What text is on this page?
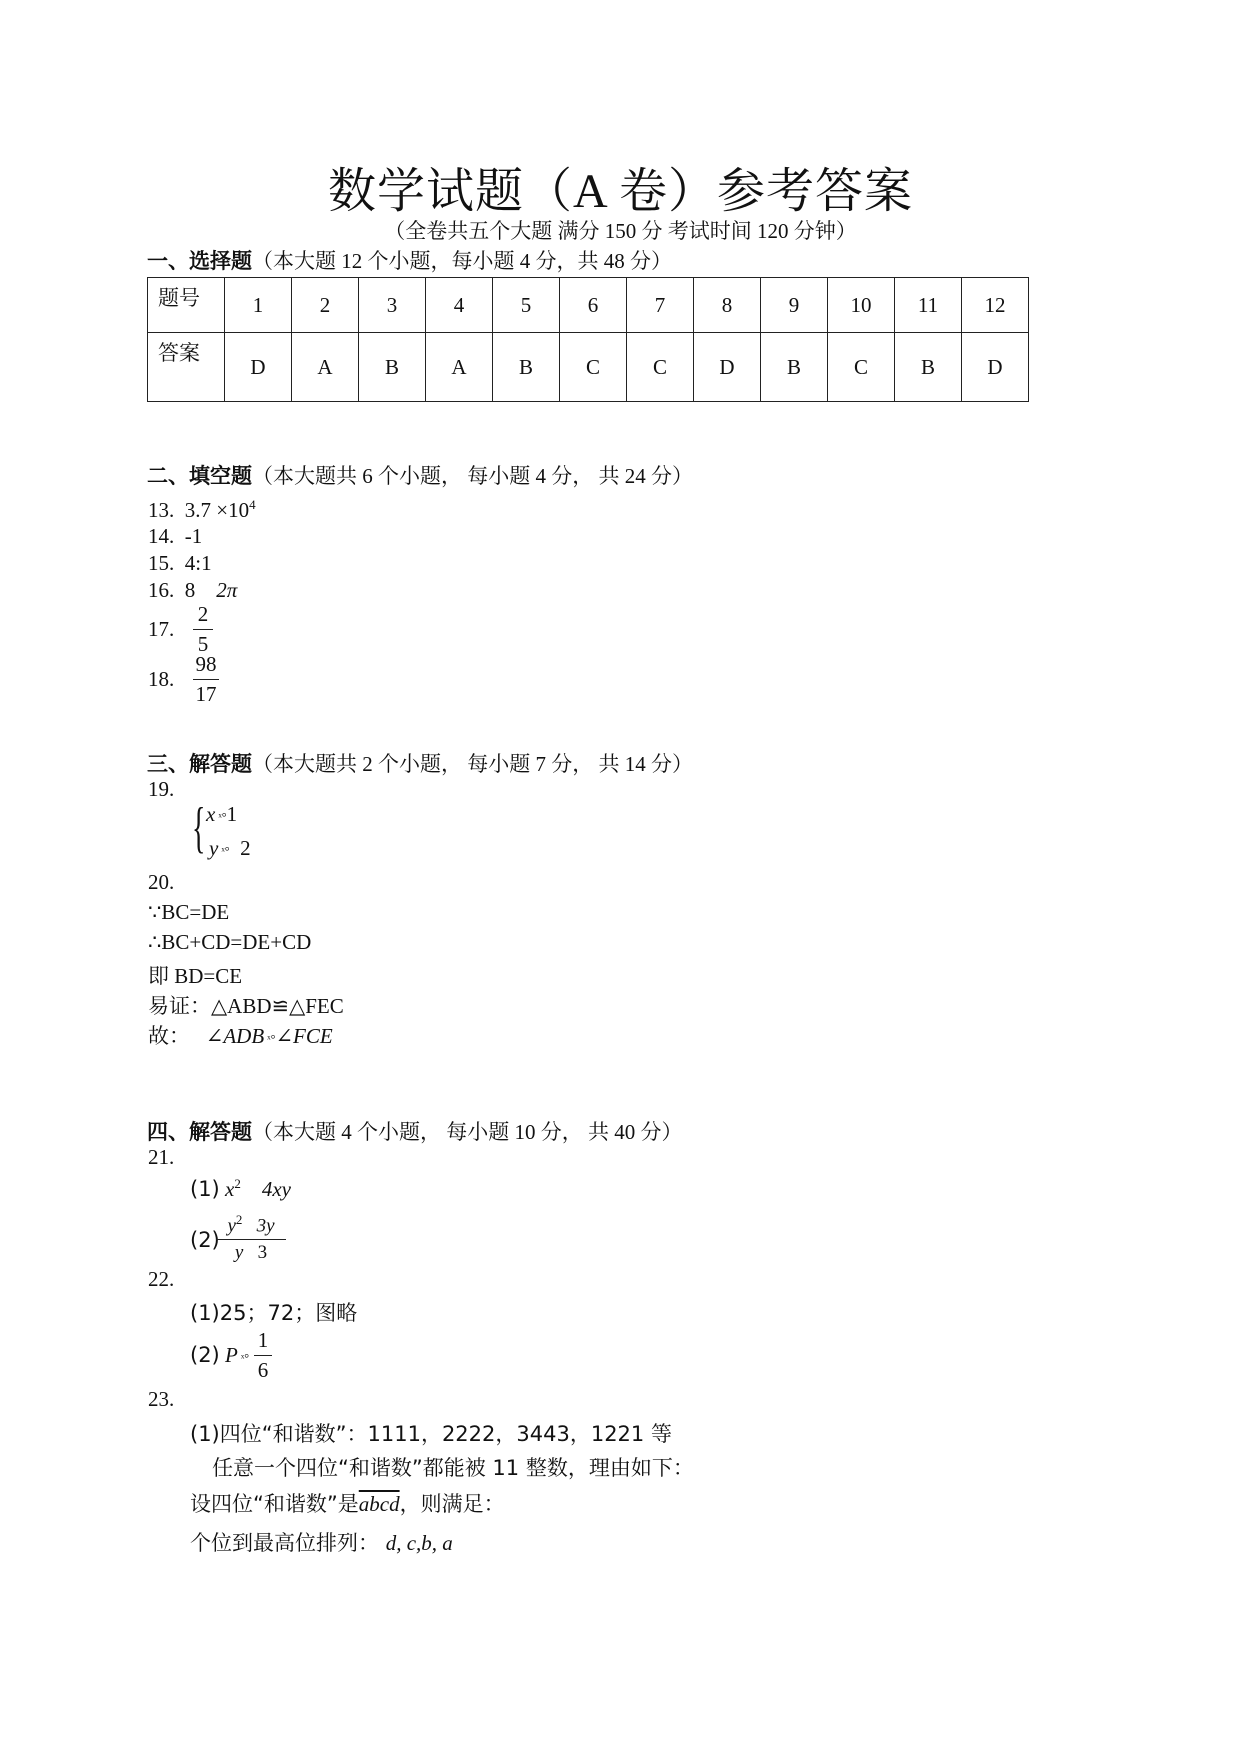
数学试题（A 卷）参考答案
（全卷共五个大题 满分 150 分 考试时间 120 分钟）
一、选择题（本大题 12 个小题，每小题 4 分，共 48 分）
题号	1	2	3	4	5	6	7	8	9	10	11	12
答案	D	A	B	A	B	C	C	D	B	C	B	D
二、填空题（本大题共 6 个小题， 每小题 4 分， 共 24 分）
13. $3.7 \times 10^4$
14. -1
15. 4:1
16. 8 2π
17.
2
5
18.
98
17
三、解答题（本大题共 2 个小题， 每小题 7 分， 共 14 分）
19.
{ x ˣ°1
y ˣ° 2
20.
∵BC=DE
∴BC+CD=DE+CD
即 BD=CE
易证：△ABD≌△FEC
故： ∠ADB ˣ°∠FCE
四、解答题（本大题 4 个小题， 每小题 10 分， 共 40 分）
21.
(1) $x^2$ 4xy
(2)
$y^2$ 3y
y 3
22.
(1)25；72；图略
(2) P ˣ°
1
6
23.
(1)四位“和谐数”：1111，2222，3443，1221 等
任意一个四位“和谐数”都能被 11 整数，理由如下：
设四位“和谐数”是abcd，则满足：
个位到最高位排列： d, c,b, a
